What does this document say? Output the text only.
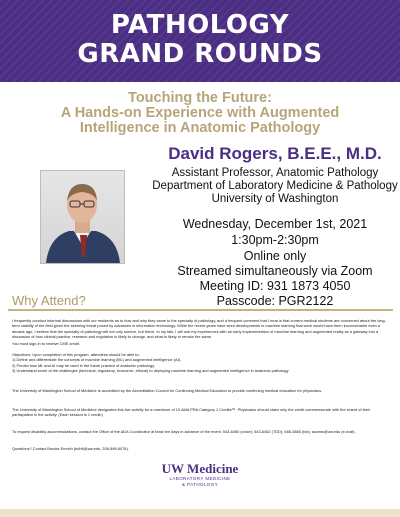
PATHOLOGY
GRAND ROUNDS
Touching the Future:
A Hands-on Experience with Augmented
Intelligence in Anatomic Pathology
David Rogers, B.E.E., M.D.
Assistant Professor, Anatomic Pathology
Department of Laboratory Medicine & Pathology
University of Washington
Wednesday, December 1st, 2021
1:30pm-2:30pm
Online only
Streamed simultaneously via Zoom
Meeting ID: 931 1873 4050
Passcode: PGR2122
Why Attend?

I frequently conduct informal discussions with our residents as to how and why they came to the specialty of pathology, and a frequent comment that I hear is that current medical students are concerned about the long-term viability of the field given the seeming threat posed by advances in information technology. While the recent years have seen developments in machine learning that were would have been inconceivable even a decade ago, I believe that the specialty of pathology will not only survive, but thrive. In my talk, I will use my experiences with an early implementation of machine learning and augmented reality as a gateway into a discussion of how clinical practice, research and regulation is likely to change, and what is likely to remain the same.

You must sign-in to receive CME credit.

Objectives: Upon completion of this program, attendees should be able to:
1) Define and differentiate the concepts of machine learning (ML) and augmented intelligence (AI).
2) Predict how ML and AI may be used in the future practice of anatomic pathology.
3) Understand some of the challenges (technical, regulatory, economic, ethical) to deploying machine learning and augmented intelligence in anatomic pathology

The University of Washington School of Medicine is accredited by the Accreditation Council for Continuing Medical Education to provide continuing medical education for physicians.

The University of Washington School of Medicine designates this live activity for a maximum of 10 AMA PRA Category 1 Credits™. Physicians should claim only the credit commensurate with the extent of their participation in the activity. (Each session is 1 credit.)

To request disability accommodations, contact the Office of the ADA Coordinator at least ten days in advance of the event: 543-6450 (voice); 543-6452 (TDD); 685-3885 (fax); access@uw.edu (e-mail).

Questions? Contact Brooke Emrich (bdh6@uw.edu, 206-598-6078).

UW Medicine
LABORATORY MEDICINE
& PATHOLOGY
